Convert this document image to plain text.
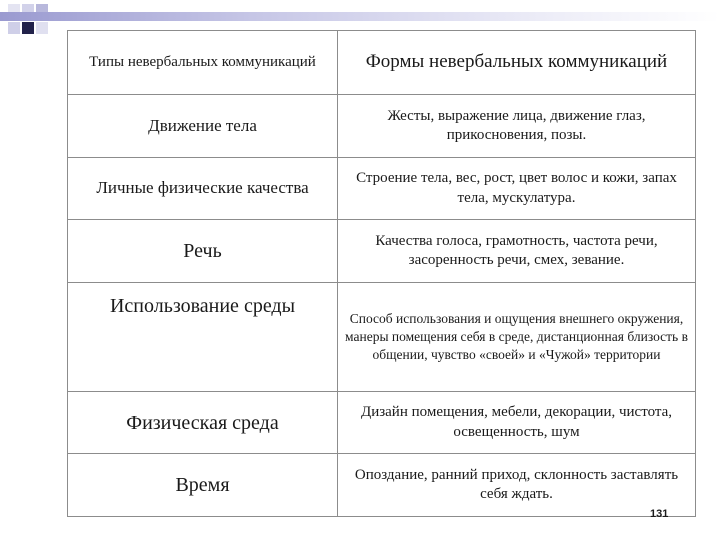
Типы невербальных коммуникаций	Формы невербальных коммуникаций
Движение тела	Жесты, выражение лица, движение глаз, прикосновения, позы.
Личные физические качества	Строение тела, вес, рост, цвет волос и кожи, запах тела, мускулатура.
Речь	Качества голоса, грамотность, частота речи, засоренность речи, смех, зевание.
Использование среды	Способ использования и ощущения внешнего окружения, манеры помещения себя в среде, дистанционная близость в общении, чувство «своей» и «Чужой» территории
Физическая среда	Дизайн помещения, мебели, декорации, чистота, освещенность, шум
Время	Опоздание, ранний приход, склонность заставлять себя ждать.
131
